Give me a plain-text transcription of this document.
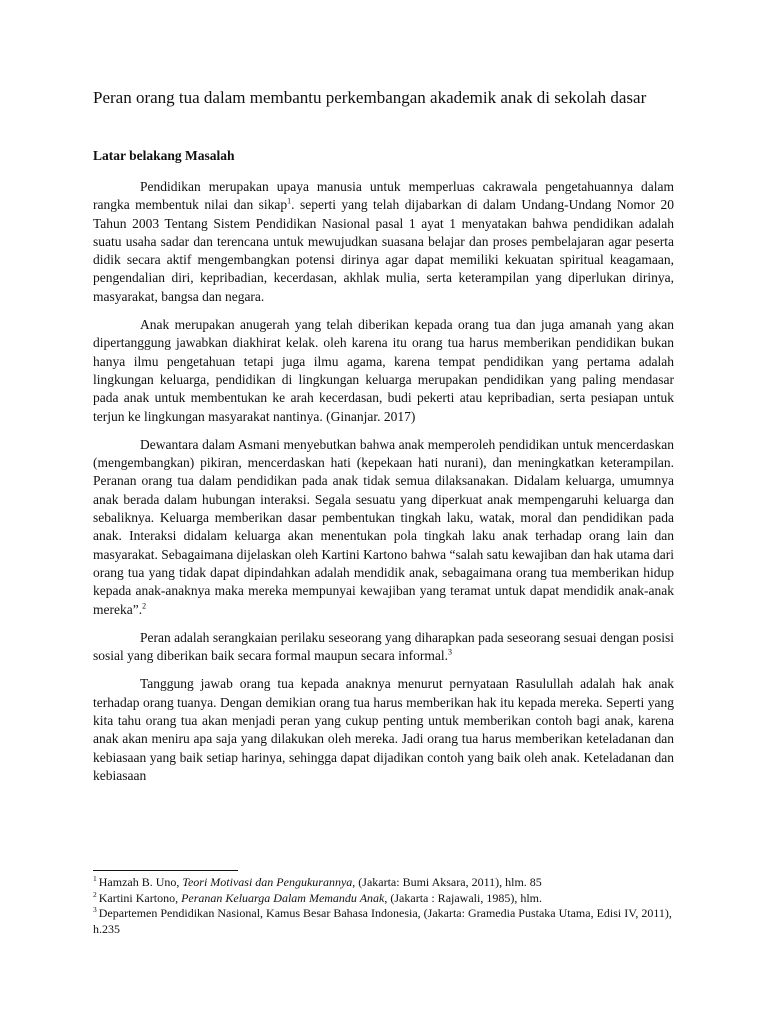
Peran orang tua dalam membantu perkembangan akademik anak di sekolah dasar
Latar belakang Masalah

Pendidikan merupakan upaya manusia untuk memperluas cakrawala pengetahuannya dalam rangka membentuk nilai dan sikap$^1$. seperti yang telah dijabarkan di dalam Undang-Undang Nomor 20 Tahun 2003 Tentang Sistem Pendidikan Nasional pasal 1 ayat 1 menyatakan bahwa pendidikan adalah suatu usaha sadar dan terencana untuk mewujudkan suasana belajar dan proses pembelajaran agar peserta didik secara aktif mengembangkan potensi dirinya agar dapat memiliki kekuatan spiritual keagamaan, pengendalian diri, kepribadian, kecerdasan, akhlak mulia, serta keterampilan yang diperlukan dirinya, masyarakat, bangsa dan negara.

Anak merupakan anugerah yang telah diberikan kepada orang tua dan juga amanah yang akan dipertanggung jawabkan diakhirat kelak. oleh karena itu orang tua harus memberikan pendidikan bukan hanya ilmu pengetahuan tetapi juga ilmu agama, karena tempat pendidikan yang pertama adalah lingkungan keluarga, pendidikan di lingkungan keluarga merupakan pendidikan yang paling mendasar pada anak untuk membentukan ke arah kecerdasan, budi pekerti atau kepribadian, serta pesiapan untuk terjun ke lingkungan masyarakat nantinya. (Ginanjar. 2017)

Dewantara dalam Asmani menyebutkan bahwa anak memperoleh pendidikan untuk mencerdaskan (mengembangkan) pikiran, mencerdaskan hati (kepekaan hati nurani), dan meningkatkan keterampilan. Peranan orang tua dalam pendidikan pada anak tidak semua dilaksanakan. Didalam keluarga, umumnya anak berada dalam hubungan interaksi. Segala sesuatu yang diperkuat anak mempengaruhi keluarga dan sebaliknya. Keluarga memberikan dasar pembentukan tingkah laku, watak, moral dan pendidikan pada anak. Interaksi didalam keluarga akan menentukan pola tingkah laku anak terhadap orang lain dan masyarakat. Sebagaimana dijelaskan oleh Kartini Kartono bahwa “salah satu kewajiban dan hak utama dari orang tua yang tidak dapat dipindahkan adalah mendidik anak, sebagaimana orang tua memberikan hidup kepada anak-anaknya maka mereka mempunyai kewajiban yang teramat untuk dapat mendidik anak-anak mereka”.$^2$

Peran adalah serangkaian perilaku seseorang yang diharapkan pada seseorang sesuai dengan posisi sosial yang diberikan baik secara formal maupun secara informal.$^3$

Tanggung jawab orang tua kepada anaknya menurut pernyataan Rasulullah adalah hak anak terhadap orang tuanya. Dengan demikian orang tua harus memberikan hak itu kepada mereka. Seperti yang kita tahu orang tua akan menjadi peran yang cukup penting untuk memberikan contoh bagi anak, karena anak akan meniru apa saja yang dilakukan oleh mereka. Jadi orang tua harus memberikan keteladanan dan kebiasaan yang baik setiap harinya, sehingga dapat dijadikan contoh yang baik oleh anak. Keteladanan dan kebiasaan

$^1$ Hamzah B. Uno, Teori Motivasi dan Pengukurannya, (Jakarta: Bumi Aksara, 2011), hlm. 85

$^2$ Kartini Kartono, Peranan Keluarga Dalam Memandu Anak, (Jakarta : Rajawali, 1985), hlm.

$^3$ Departemen Pendidikan Nasional, Kamus Besar Bahasa Indonesia, (Jakarta: Gramedia Pustaka Utama, Edisi IV, 2011), h.235
